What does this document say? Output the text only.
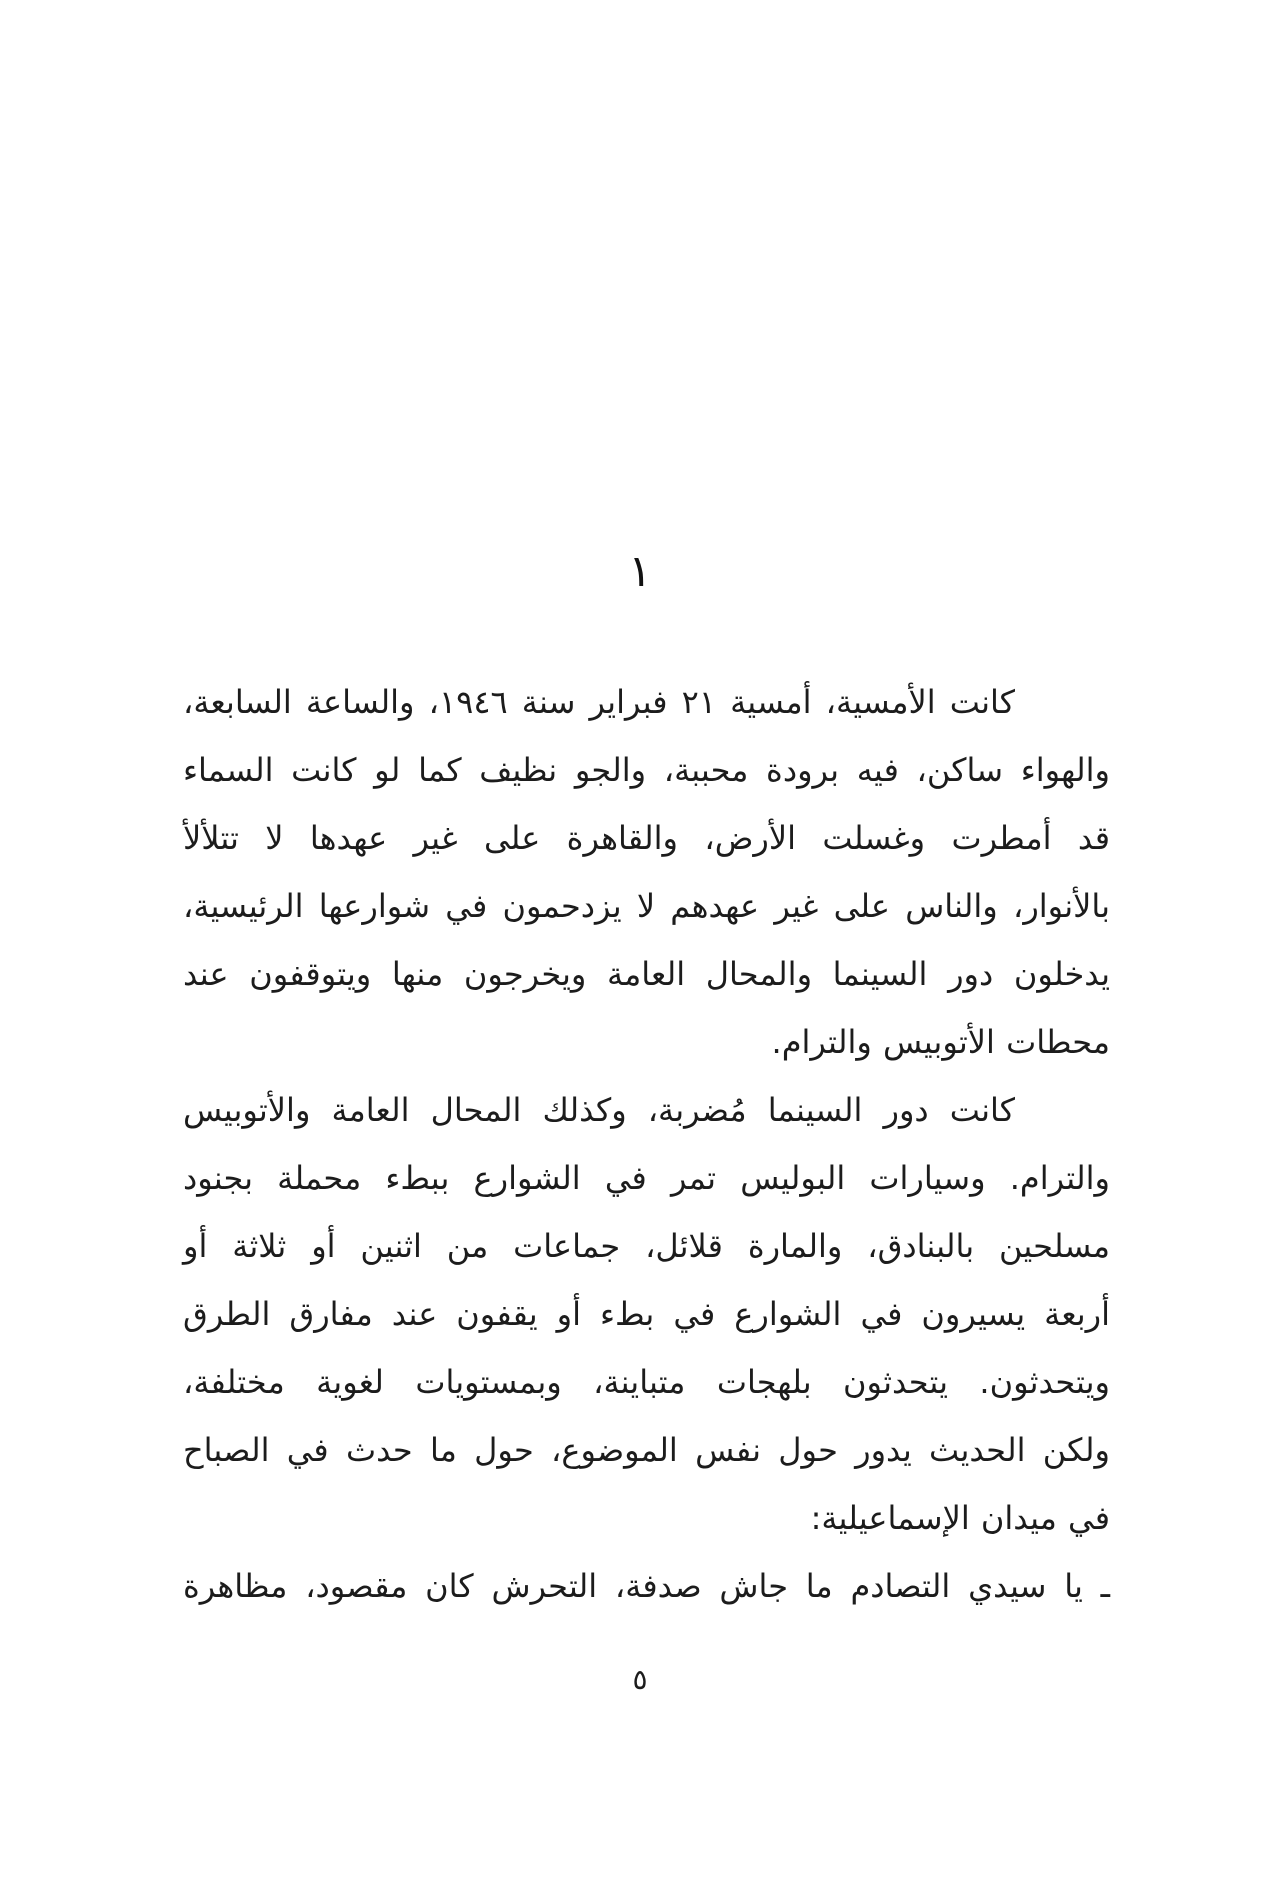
١
كانت الأمسية، أمسية ٢١ فبراير سنة ١٩٤٦، والساعة السابعة،
والهواء ساكن، فيه برودة محببة، والجو نظيف كما لو كانت السماء
قد أمطرت وغسلت الأرض، والقاهرة على غير عهدها لا تتلألأ
بالأنوار، والناس على غير عهدهم لا يزدحمون في شوارعها الرئيسية،
يدخلون دور السينما والمحال العامة ويخرجون منها ويتوقفون عند
محطات الأتوبيس والترام.
كانت دور السينما مُضربة، وكذلك المحال العامة والأتوبيس
والترام. وسيارات البوليس تمر في الشوارع ببطء محملة بجنود
مسلحين بالبنادق، والمارة قلائل، جماعات من اثنين أو ثلاثة أو
أربعة يسيرون في الشوارع في بطء أو يقفون عند مفارق الطرق
ويتحدثون. يتحدثون بلهجات متباينة، وبمستويات لغوية مختلفة،
ولكن الحديث يدور حول نفس الموضوع، حول ما حدث في الصباح
في ميدان الإسماعيلية:
ـ يا سيدي التصادم ما جاش صدفة، التحرش كان مقصود، مظاهرة
٥
